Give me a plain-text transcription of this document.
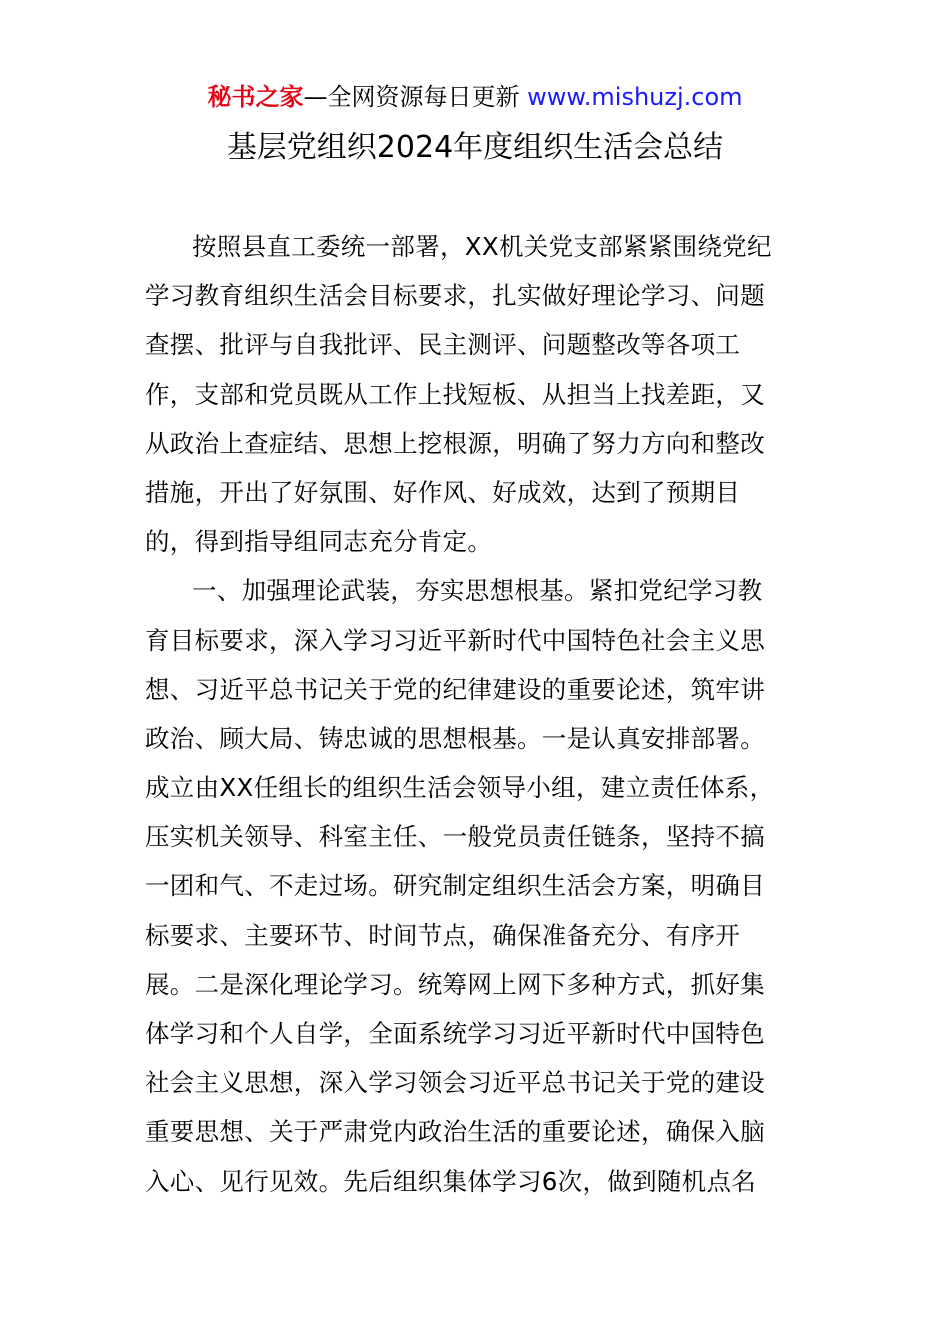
秘书之家—全网资源每日更新 www.mishuzj.com
基层党组织2024年度组织生活会总结
按照县直工委统一部署，XX机关党支部紧紧围绕党纪
学习教育组织生活会目标要求，扎实做好理论学习、问题
查摆、批评与自我批评、民主测评、问题整改等各项工
作，支部和党员既从工作上找短板、从担当上找差距，又
从政治上查症结、思想上挖根源，明确了努力方向和整改
措施，开出了好氛围、好作风、好成效，达到了预期目
的，得到指导组同志充分肯定。
一、加强理论武装，夯实思想根基。紧扣党纪学习教
育目标要求，深入学习习近平新时代中国特色社会主义思
想、习近平总书记关于党的纪律建设的重要论述，筑牢讲
政治、顾大局、铸忠诚的思想根基。一是认真安排部署。
成立由XX任组长的组织生活会领导小组，建立责任体系，
压实机关领导、科室主任、一般党员责任链条，坚持不搞
一团和气、不走过场。研究制定组织生活会方案，明确目
标要求、主要环节、时间节点，确保准备充分、有序开
展。二是深化理论学习。统筹网上网下多种方式，抓好集
体学习和个人自学，全面系统学习习近平新时代中国特色
社会主义思想，深入学习领会习近平总书记关于党的建设
重要思想、关于严肃党内政治生活的重要论述，确保入脑
入心、见行见效。先后组织集体学习6次，做到随机点名
